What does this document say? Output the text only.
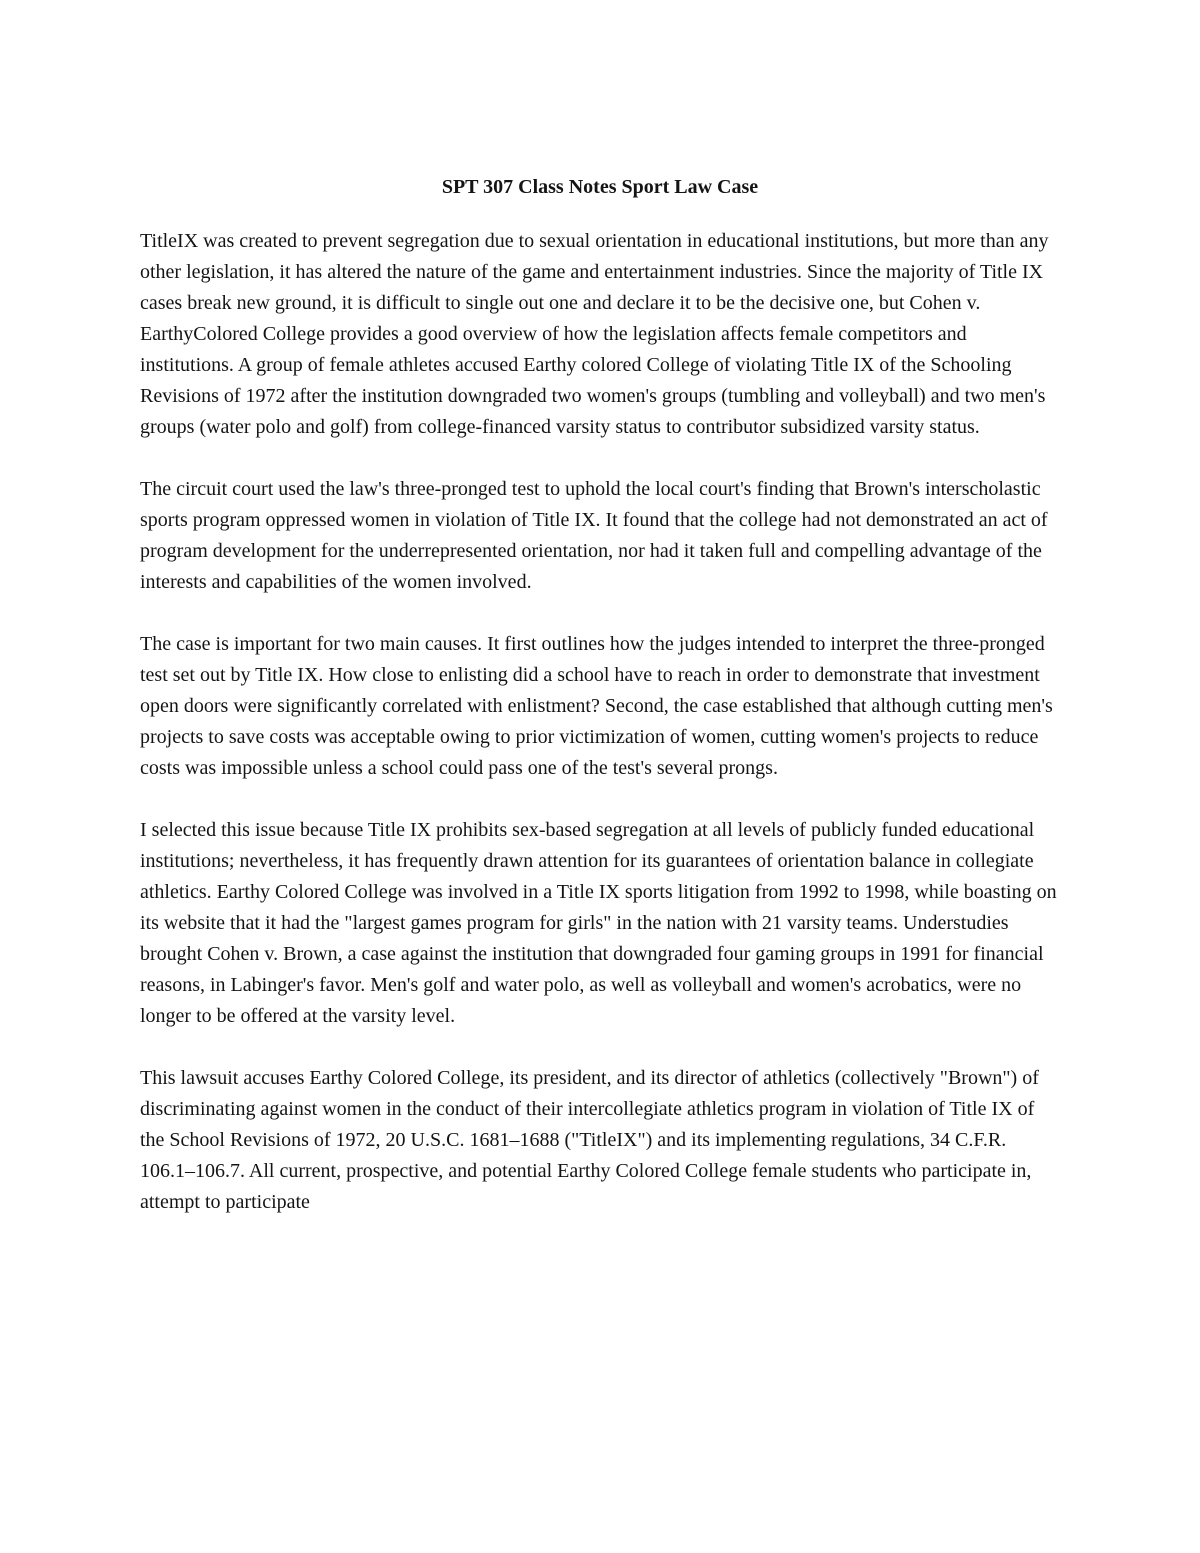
SPT 307 Class Notes Sport Law Case

TitleIX was created to prevent segregation due to sexual orientation in educational institutions, but more than any other legislation, it has altered the nature of the game and entertainment industries. Since the majority of Title IX cases break new ground, it is difficult to single out one and declare it to be the decisive one, but Cohen v. EarthyColored College provides a good overview of how the legislation affects female competitors and institutions. A group of female athletes accused Earthy colored College of violating Title IX of the Schooling Revisions of 1972 after the institution downgraded two women's groups (tumbling and volleyball) and two men's groups (water polo and golf) from college-financed varsity status to contributor subsidized varsity status.

The circuit court used the law's three-pronged test to uphold the local court's finding that Brown's interscholastic sports program oppressed women in violation of Title IX. It found that the college had not demonstrated an act of program development for the underrepresented orientation, nor had it taken full and compelling advantage of the interests and capabilities of the women involved.

The case is important for two main causes. It first outlines how the judges intended to interpret the three-pronged test set out by Title IX. How close to enlisting did a school have to reach in order to demonstrate that investment open doors were significantly correlated with enlistment? Second, the case established that although cutting men's projects to save costs was acceptable owing to prior victimization of women, cutting women's projects to reduce costs was impossible unless a school could pass one of the test's several prongs.

I selected this issue because Title IX prohibits sex-based segregation at all levels of publicly funded educational institutions; nevertheless, it has frequently drawn attention for its guarantees of orientation balance in collegiate athletics. Earthy Colored College was involved in a Title IX sports litigation from 1992 to 1998, while boasting on its website that it had the "largest games program for girls" in the nation with 21 varsity teams. Understudies brought Cohen v. Brown, a case against the institution that downgraded four gaming groups in 1991 for financial reasons, in Labinger's favor. Men's golf and water polo, as well as volleyball and women's acrobatics, were no longer to be offered at the varsity level.

This lawsuit accuses Earthy Colored College, its president, and its director of athletics (collectively "Brown") of discriminating against women in the conduct of their intercollegiate athletics program in violation of Title IX of the School Revisions of 1972, 20 U.S.C. 1681–1688 ("TitleIX") and its implementing regulations, 34 C.F.R. 106.1–106.7. All current, prospective, and potential Earthy Colored College female students who participate in, attempt to participate
